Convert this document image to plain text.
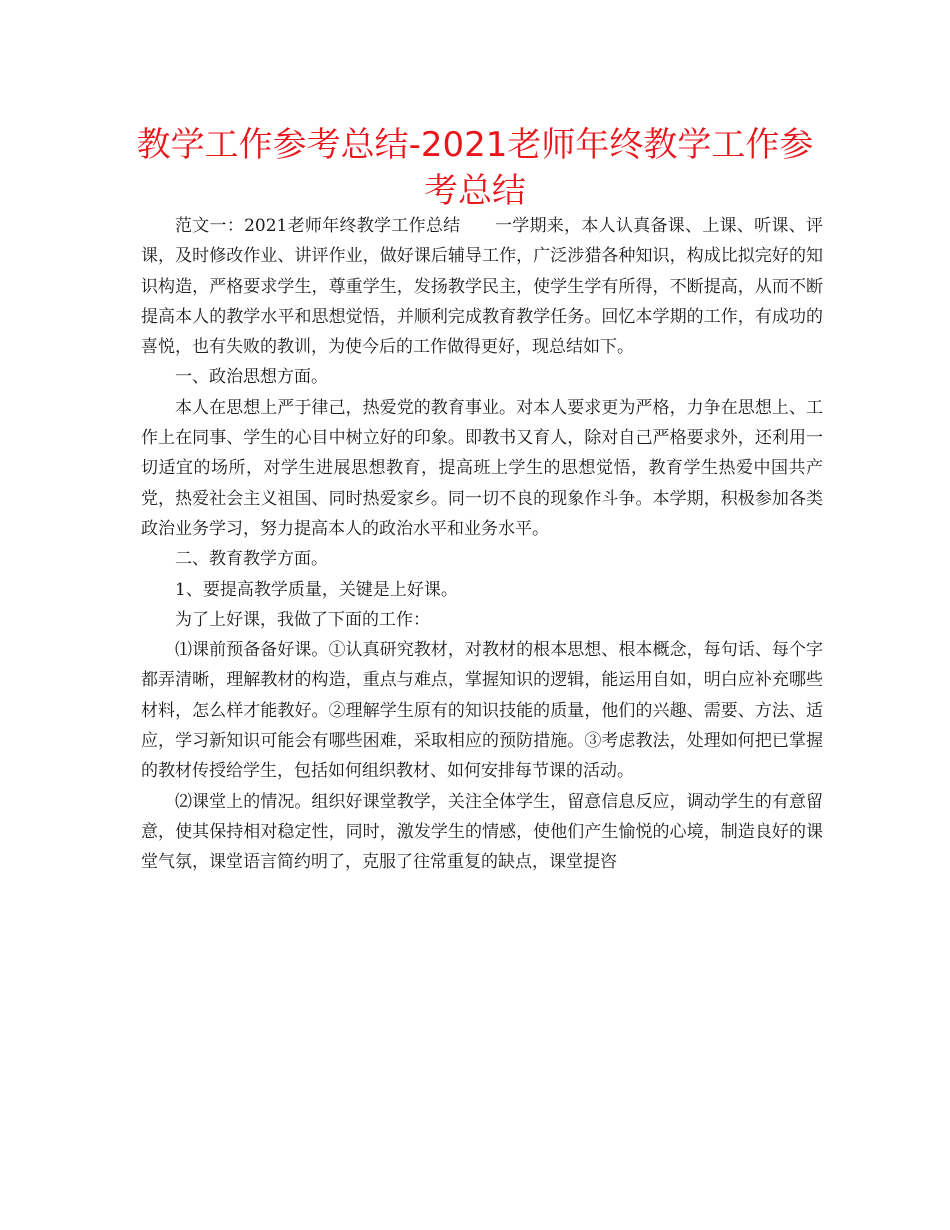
教学工作参考总结-2021老师年终教学工作参考总结

范文一：2021老师年终教学工作总结　　一学期来，本人认真备课、上课、听课、评课，及时修改作业、讲评作业，做好课后辅导工作，广泛涉猎各种知识，构成比拟完好的知识构造，严格要求学生，尊重学生，发扬教学民主，使学生学有所得，不断提高，从而不断提高本人的教学水平和思想觉悟，并顺利完成教育教学任务。回忆本学期的工作，有成功的喜悦，也有失败的教训，为使今后的工作做得更好，现总结如下。

一、政治思想方面。

本人在思想上严于律己，热爱党的教育事业。对本人要求更为严格，力争在思想上、工作上在同事、学生的心目中树立好的印象。即教书又育人，除对自己严格要求外，还利用一切适宜的场所，对学生进展思想教育，提高班上学生的思想觉悟，教育学生热爱中国共产党，热爱社会主义祖国、同时热爱家乡。同一切不良的现象作斗争。本学期，积极参加各类政治业务学习，努力提高本人的政治水平和业务水平。

二、教育教学方面。

1、要提高教学质量，关键是上好课。

为了上好课，我做了下面的工作：

⑴课前预备备好课。①认真研究教材，对教材的根本思想、根本概念，每句话、每个字都弄清晰，理解教材的构造，重点与难点，掌握知识的逻辑，能运用自如，明白应补充哪些材料，怎么样才能教好。②理解学生原有的知识技能的质量，他们的兴趣、需要、方法、适应，学习新知识可能会有哪些困难，采取相应的预防措施。③考虑教法，处理如何把已掌握的教材传授给学生，包括如何组织教材、如何安排每节课的活动。

⑵课堂上的情况。组织好课堂教学，关注全体学生，留意信息反应，调动学生的有意留意，使其保持相对稳定性，同时，激发学生的情感，使他们产生愉悦的心境，制造良好的课堂气氛，课堂语言简约明了，克服了往常重复的缺点，课堂提咨
